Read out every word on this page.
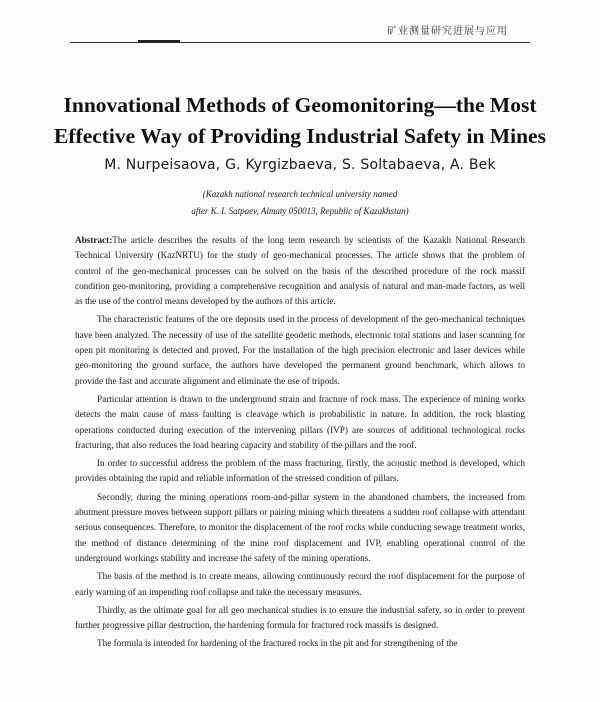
矿业测量研究进展与应用
Innovational Methods of Geomonitoring—the Most
Effective Way of Providing Industrial Safety in Mines
M. Nurpeisaova, G. Kyrgizbaeva, S. Soltabaeva, A. Bek
(Kazakh national research technical university named
after K. I. Satpaev, Almaty 050013, Republic of Kazakhstan)

Abstract:The article describes the results of the long term research by scientists of the Kazakh National Research Technical University (KazNRTU) for the study of geo-mechanical processes. The article shows that the problem of control of the geo-mechanical processes can be solved on the basis of the described procedure of the rock massif condition geo-monitoring, providing a comprehensive recognition and analysis of natural and man-made factors, as well as the use of the control means developed by the authors of this article.

The characteristic features of the ore deposits used in the process of development of the geo-mechanical techniques have been analyzed. The necessity of use of the satellite geodetic methods, electronic total stations and laser scanning for open pit monitoring is detected and proved. For the installation of the high precision electronic and laser devices while geo-monitoring the ground surface, the authors have developed the permanent ground benchmark, which allows to provide the fast and accurate alignment and eliminate the use of tripods.

Particular attention is drawn to the underground strain and fracture of rock mass. The experience of mining works detects the main cause of mass faulting is cleavage which is probabilistic in nature. In addition, the rock blasting operations conducted during execution of the intervening pillars (IVP) are sources of additional technological rocks fracturing, that also reduces the load bearing capacity and stability of the pillars and the roof.

In order to successful address the problem of the mass fracturing, firstly, the acoustic method is developed, which provides obtaining the rapid and reliable information of the stressed condition of pillars.

Secondly, during the mining operations room-and-pillar system in the abandoned chambers, the increased from abutment pressure moves between support pillars or pairing mining which threatens a sudden roof collapse with attendant serious consequences. Therefore, to monitor the displacement of the roof rocks while conducting sewage treatment works, the method of distance determining of the mine roof displacement and IVP, enabling operational control of the underground workings stability and increase the safety of the mining operations.

The basis of the method is to create means, allowing continuously record the roof displacement for the purpose of early warning of an impending roof collapse and take the necessary measures.

Thirdly, as the ultimate goal for all geo mechanical studies is to ensure the industrial safety, so in order to prevent further progressive pillar destruction, the hardening formula for fractured rock massifs is designed.

The formula is intended for hardening of the fractured rocks in the pit and for strengthening of the
